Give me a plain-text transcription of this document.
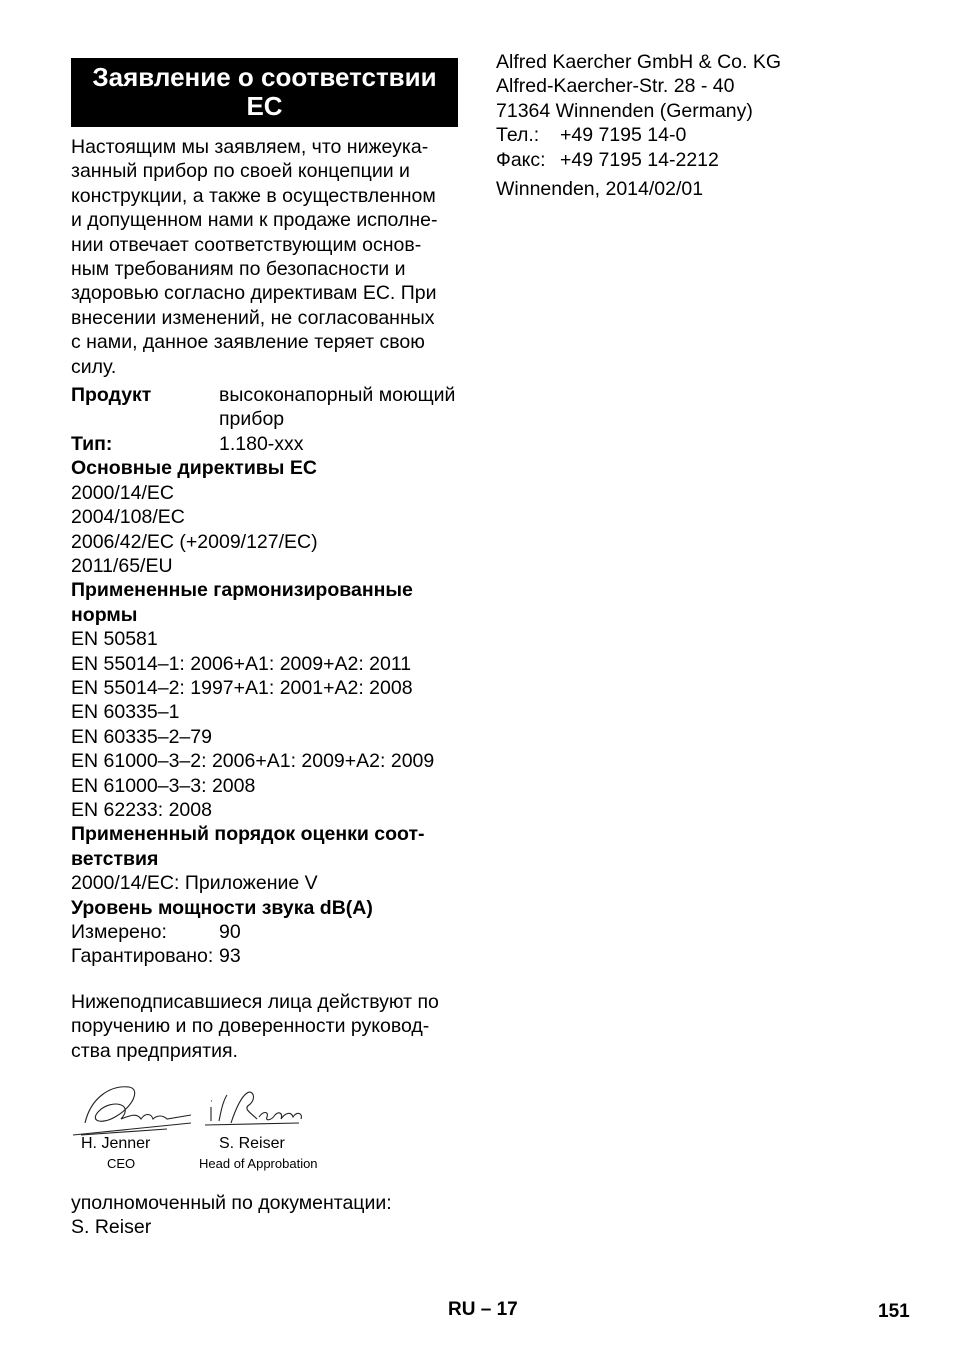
Заявление о соответствии ЕС
Настоящим мы заявляем, что нижеука-
занный прибор по своей концепции и
конструкции, а также в осуществленном
и допущенном нами к продаже исполне-
нии отвечает соответствующим основ-
ным требованиям по безопасности и
здоровью согласно директивам ЕС. При
внесении изменений, не согласованных
с нами, данное заявление теряет свою
силу.
Продукт	высоконапорный моющий
прибор
Тип:	1.180-xxx
Основные директивы ЕС
2000/14/EC
2004/108/EC
2006/42/EC (+2009/127/EC)
2011/65/EU
Примененные гармонизированные
нормы
EN 50581
EN 55014–1: 2006+A1: 2009+A2: 2011
EN 55014–2: 1997+A1: 2001+A2: 2008
EN 60335–1
EN 60335–2–79
EN 61000–3–2: 2006+A1: 2009+A2: 2009
EN 61000–3–3: 2008
EN 62233: 2008
Примененный порядок оценки соот-
ветствия
2000/14/EC: Приложение V
Уровень мощности звука dB(A)
Измерено:	90
Гарантировано: 93
Нижеподписавшиеся лица действуют по
поручению и по доверенности руковод-
ства предприятия.
H. Jenner
CEO
S. Reiser
Head of Approbation
уполномоченный по документации:
S. Reiser
Alfred Kaercher GmbH & Co. KG
Alfred-Kaercher-Str. 28 - 40
71364 Winnenden (Germany)
Тел.:	+49 7195 14-0
Факс: +49 7195 14-2212
Winnenden, 2014/02/01
RU – 17	151
